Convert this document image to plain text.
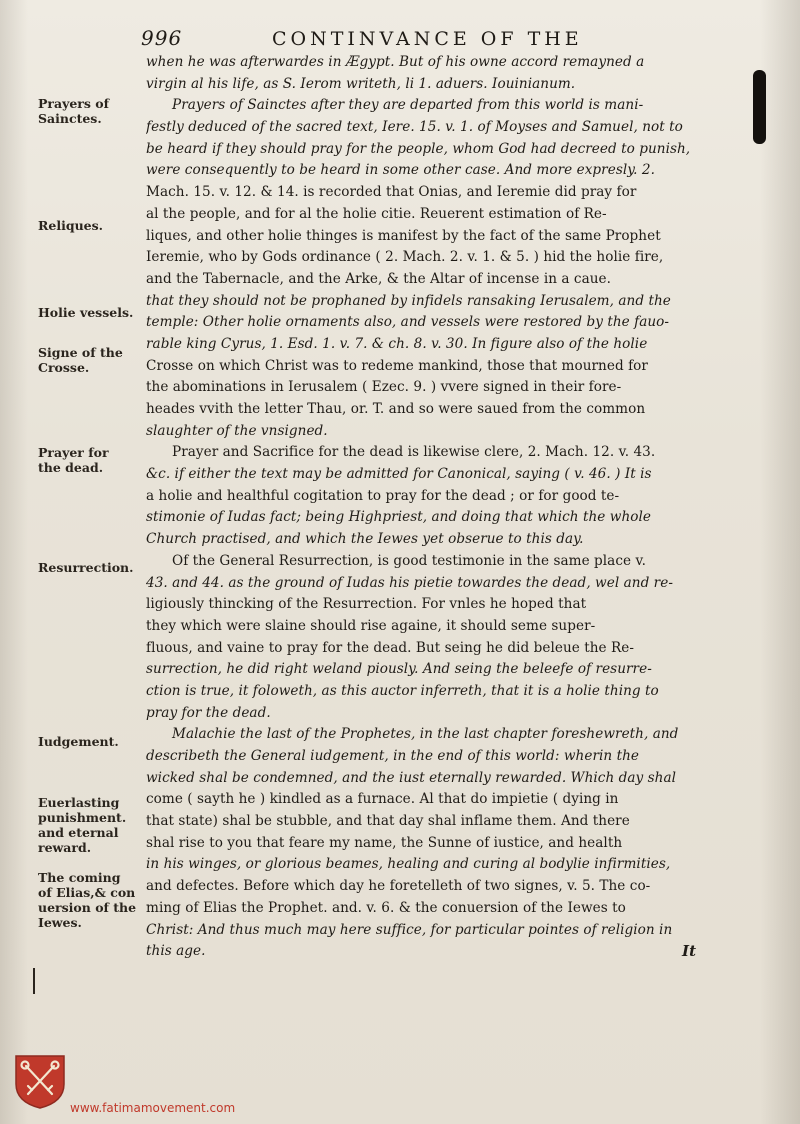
996	CONTINVANCE OF THE
Prayers of
Sainctes.
Reliques.
Holie vessels.
Signe of the
Crosse.
Prayer for
the dead.
Resurrection.
Iudgement.
Euerlasting
punishment.
and eternal
reward.
The coming
of Elias,& con
uersion of the
Iewes.
when he was afterwardes in Ægypt. But of his owne accord remayned a
virgin al his life, as S. Ierom writeth, li 1. aduers. Iouinianum.
Prayers of Sainctes after they are departed from this world is mani-
festly deduced of the sacred text, Iere. 15. v. 1. of Moyses and Samuel, not to
be heard if they should pray for the people, whom God had decreed to punish,
were consequently to be heard in some other case. And more expresly. 2.
Mach. 15. v. 12. & 14. is recorded that Onias, and Ieremie did pray for
al the people, and for al the holie citie. Reuerent estimation of Re-
liques, and other holie thinges is manifest by the fact of the same Prophet
Ieremie, who by Gods ordinance ( 2. Mach. 2. v. 1. & 5. ) hid the holie fire,
and the Tabernacle, and the Arke, & the Altar of incense in a caue.
that they should not be prophaned by infidels ransaking Ierusalem, and the
temple: Other holie ornaments also, and vessels were restored by the fauo-
rable king Cyrus, 1. Esd. 1. v. 7. & ch. 8. v. 30. In figure also of the holie
Crosse on which Christ was to redeme mankind, those that mourned for
the abominations in Ierusalem ( Ezec. 9. ) vvere signed in their fore-
heades vvith the letter Thau, or. T. and so were saued from the common
slaughter of the vnsigned.
Prayer and Sacrifice for the dead is likewise clere, 2. Mach. 12. v. 43.
&c. if either the text may be admitted for Canonical, saying ( v. 46. ) It is
a holie and healthful cogitation to pray for the dead ; or for good te-
stimonie of Iudas fact; being Highpriest, and doing that which the whole
Church practised, and which the Iewes yet obserue to this day.
Of the General Resurrection, is good testimonie in the same place v.
43. and 44. as the ground of Iudas his pietie towardes the dead, wel and re-
ligiously thincking of the Resurrection. For vnles he hoped that
they which were slaine should rise againe, it should seme super-
fluous, and vaine to pray for the dead. But seing he did beleue the Re-
surrection, he did right weland piously. And seing the beleefe of resurre-
ction is true, it foloweth, as this auctor inferreth, that it is a holie thing to
pray for the dead.
Malachie the last of the Prophetes, in the last chapter foreshewreth, and
describeth the General iudgement, in the end of this world: wherin the
wicked shal be condemned, and the iust eternally rewarded. Which day shal
come ( sayth he ) kindled as a furnace. Al that do impietie ( dying in
that state) shal be stubble, and that day shal inflame them. And there
shal rise to you that feare my name, the Sunne of iustice, and health
in his winges, or glorious beames, healing and curing al bodylie infirmities,
and defectes. Before which day he foretelleth of two signes, v. 5. The co-
ming of Elias the Prophet. and. v. 6. & the conuersion of the Iewes to
Christ: And thus much may here suffice, for particular pointes of religion in
this age.	It
www.fatimamovement.com
